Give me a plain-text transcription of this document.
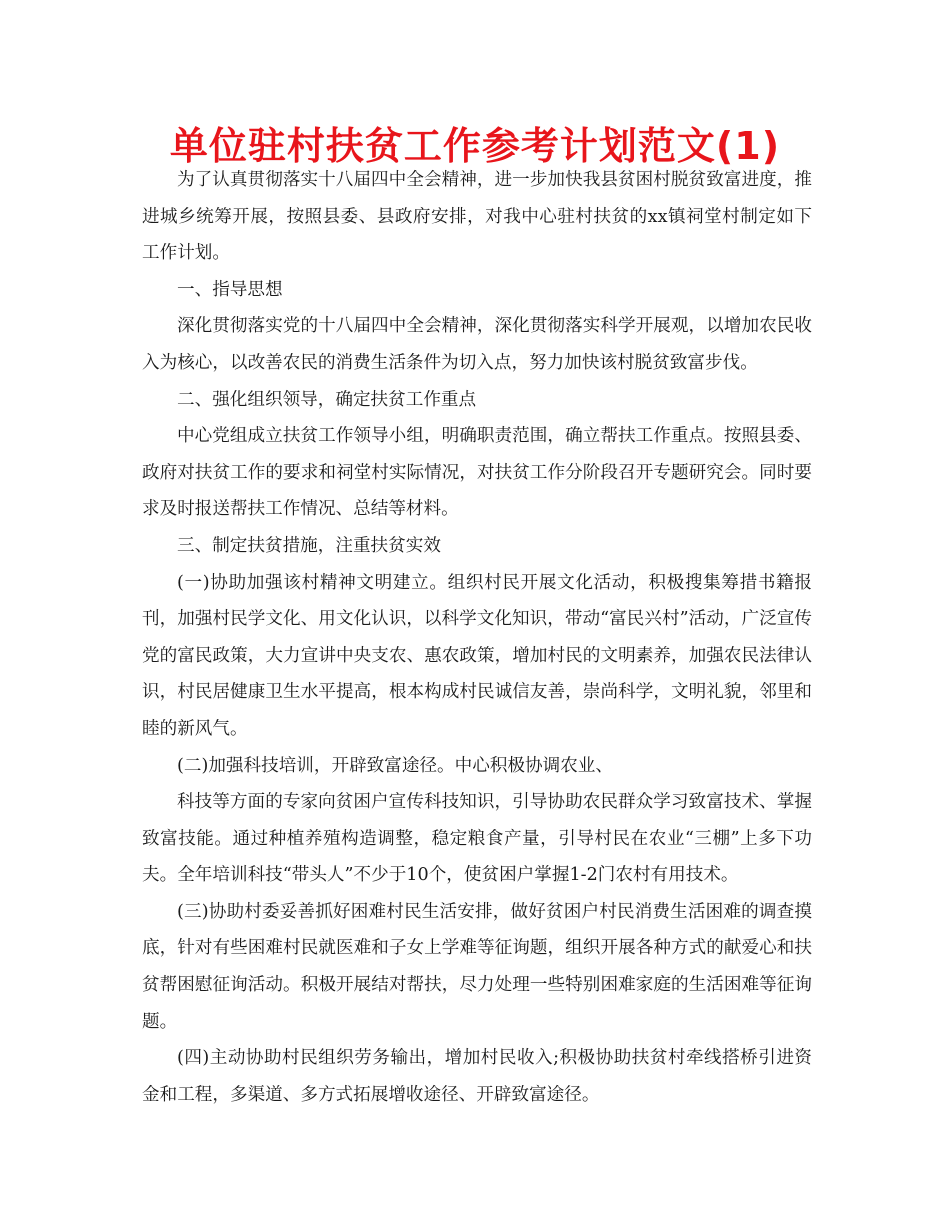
单位驻村扶贫工作参考计划范文(1)

为了认真贯彻落实十八届四中全会精神，进一步加快我县贫困村脱贫致富进度，推进城乡统筹开展，按照县委、县政府安排，对我中心驻村扶贫的xx镇祠堂村制定如下工作计划。

一、指导思想

深化贯彻落实党的十八届四中全会精神，深化贯彻落实科学开展观，以增加农民收入为核心，以改善农民的消费生活条件为切入点，努力加快该村脱贫致富步伐。

二、强化组织领导，确定扶贫工作重点

中心党组成立扶贫工作领导小组，明确职责范围，确立帮扶工作重点。按照县委、政府对扶贫工作的要求和祠堂村实际情况，对扶贫工作分阶段召开专题研究会。同时要求及时报送帮扶工作情况、总结等材料。

三、制定扶贫措施，注重扶贫实效

(一)协助加强该村精神文明建立。组织村民开展文化活动，积极搜集筹措书籍报刊，加强村民学文化、用文化认识，以科学文化知识，带动“富民兴村”活动，广泛宣传党的富民政策，大力宣讲中央支农、惠农政策，增加村民的文明素养，加强农民法律认识，村民居健康卫生水平提高，根本构成村民诚信友善，崇尚科学，文明礼貌，邻里和睦的新风气。

(二)加强科技培训，开辟致富途径。中心积极协调农业、

科技等方面的专家向贫困户宣传科技知识，引导协助农民群众学习致富技术、掌握致富技能。通过种植养殖构造调整，稳定粮食产量，引导村民在农业“三棚”上多下功夫。全年培训科技“带头人”不少于10个，使贫困户掌握1-2门农村有用技术。

(三)协助村委妥善抓好困难村民生活安排，做好贫困户村民消费生活困难的调查摸底，针对有些困难村民就医难和子女上学难等征询题，组织开展各种方式的献爱心和扶贫帮困慰征询活动。积极开展结对帮扶，尽力处理一些特别困难家庭的生活困难等征询题。

(四)主动协助村民组织劳务输出，增加村民收入;积极协助扶贫村牵线搭桥引进资金和工程，多渠道、多方式拓展增收途径、开辟致富途径。
